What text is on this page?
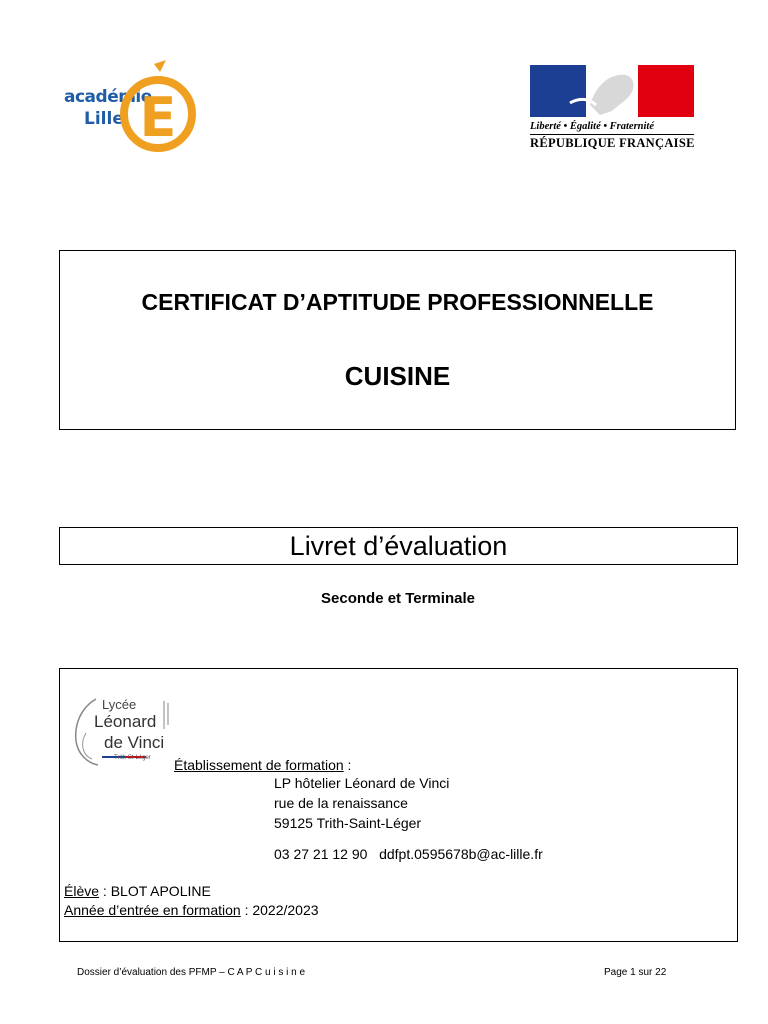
académie
Lille E	Liberté • Égalité • Fraternité
RÉPUBLIQUE FRANÇAISE
CERTIFICAT D’APTITUDE PROFESSIONNELLE
CUISINE
Livret d’évaluation
Seconde et Terminale
Lycée
Léonard
de Vinci
Trith-St-Léger Établissement de formation :
LP hôtelier Léonard de Vinci
rue de la renaissance
59125 Trith-Saint-Léger
03 27 21 12 90 ddfpt.0595678b@ac-lille.fr
Élève : BLOT APOLINE
Année d’entrée en formation : 2022/2023
Dossier d’évaluation des PFMP – C A P C u i s i n e	Page 1 sur 22
